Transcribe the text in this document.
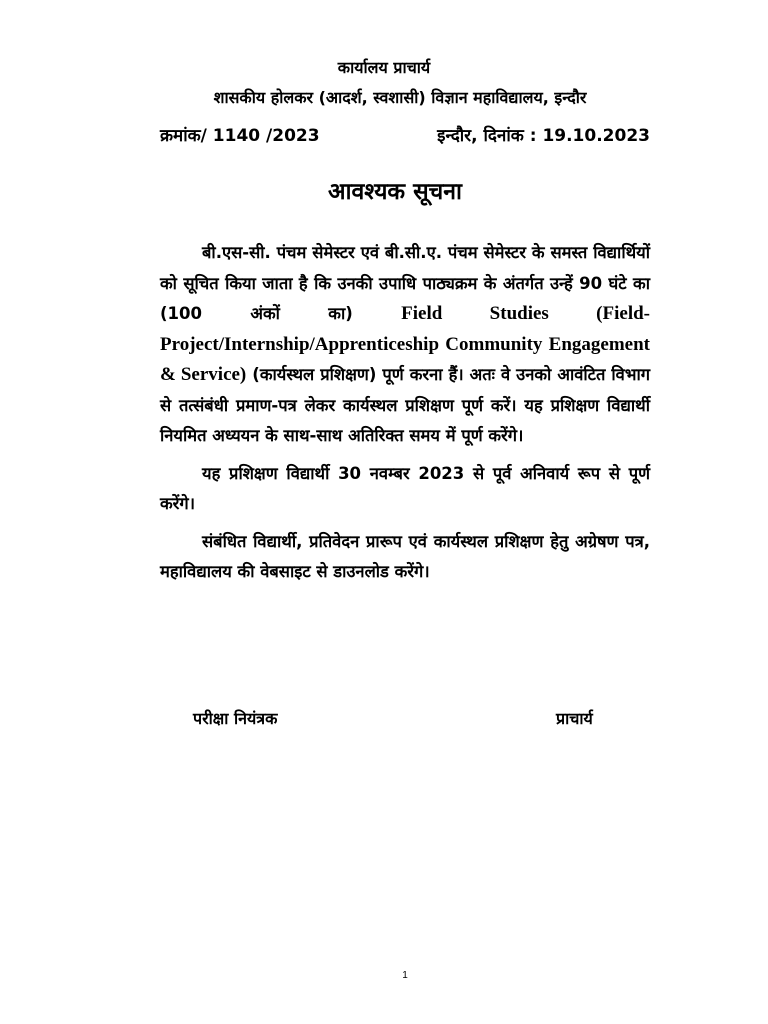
कार्यालय प्राचार्य
शासकीय होलकर (आदर्श, स्वशासी) विज्ञान महाविद्यालय, इन्दौर
क्रमांक/ 1140 /2023	इन्दौर, दिनांक : 19.10.2023
आवश्यक सूचना

बी.एस-सी. पंचम सेमेस्टर एवं बी.सी.ए. पंचम सेमेस्टर के समस्त विद्यार्थियों को सूचित किया जाता है कि उनकी उपाधि पाठ्यक्रम के अंतर्गत उन्हें 90 घंटे का (100 अंकों का)	Field Studies (Field-Project/Internship/Apprenticeship Community Engagement & Service) (कार्यस्थल प्रशिक्षण) पूर्ण करना हैं। अतः वे उनको आवंटित विभाग से तत्संबंधी प्रमाण-पत्र लेकर कार्यस्थल प्रशिक्षण पूर्ण करें। यह प्रशिक्षण विद्यार्थी नियमित अध्ययन के साथ-साथ अतिरिक्त समय में पूर्ण करेंगे।

यह प्रशिक्षण विद्यार्थी 30 नवम्बर 2023 से पूर्व अनिवार्य रूप से पूर्ण करेंगे।

संबंधित विद्यार्थी, प्रतिवेदन प्रारूप एवं कार्यस्थल प्रशिक्षण हेतु अग्रेषण पत्र, महाविद्यालय की वेबसाइट से डाउनलोड करेंगे।

परीक्षा नियंत्रक	प्राचार्य
1
